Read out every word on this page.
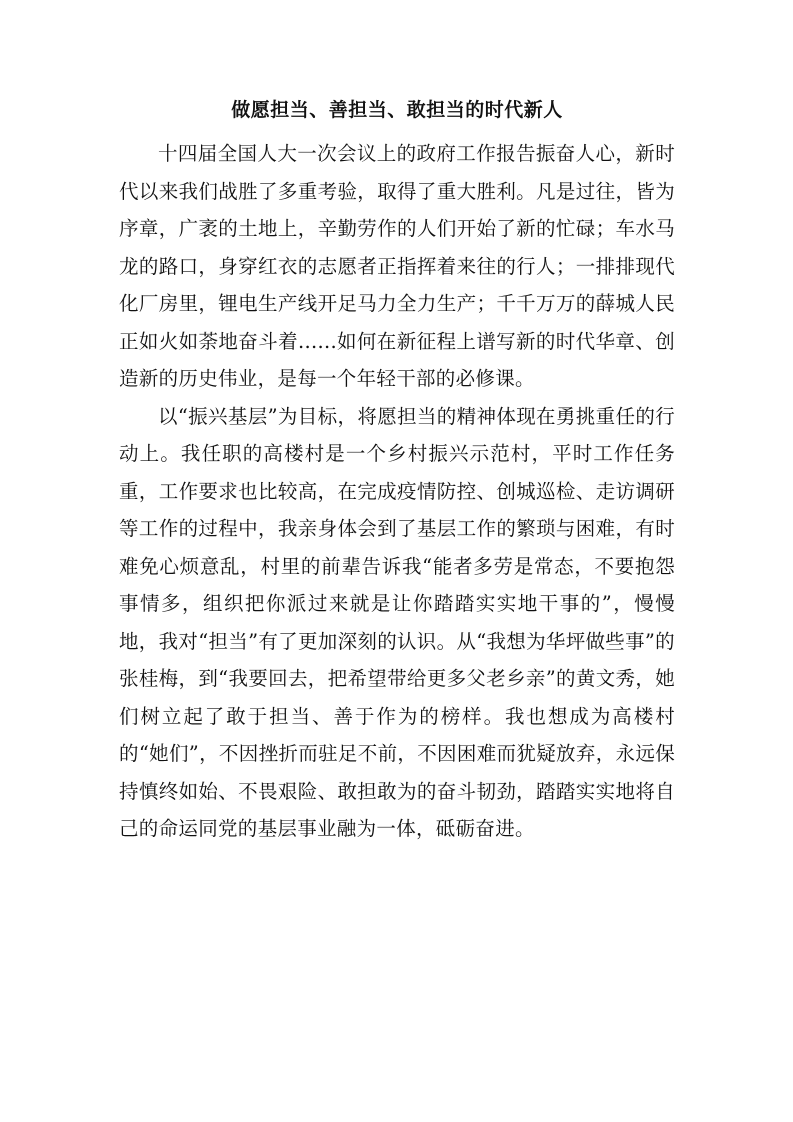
做愿担当、善担当、敢担当的时代新人

十四届全国人大一次会议上的政府工作报告振奋人心，新时代以来我们战胜了多重考验，取得了重大胜利。凡是过往，皆为序章，广袤的土地上，辛勤劳作的人们开始了新的忙碌；车水马龙的路口，身穿红衣的志愿者正指挥着来往的行人；一排排现代化厂房里，锂电生产线开足马力全力生产；千千万万的薛城人民正如火如荼地奋斗着......如何在新征程上谱写新的时代华章、创造新的历史伟业，是每一个年轻干部的必修课。

以“振兴基层”为目标，将愿担当的精神体现在勇挑重任的行动上。我任职的高楼村是一个乡村振兴示范村，平时工作任务重，工作要求也比较高，在完成疫情防控、创城巡检、走访调研等工作的过程中，我亲身体会到了基层工作的繁琐与困难，有时难免心烦意乱，村里的前辈告诉我“能者多劳是常态，不要抱怨事情多，组织把你派过来就是让你踏踏实实地干事的”，慢慢地，我对“担当”有了更加深刻的认识。从“我想为华坪做些事”的张桂梅，到“我要回去，把希望带给更多父老乡亲”的黄文秀，她们树立起了敢于担当、善于作为的榜样。我也想成为高楼村的“她们”，不因挫折而驻足不前，不因困难而犹疑放弃，永远保持慎终如始、不畏艰险、敢担敢为的奋斗韧劲，踏踏实实地将自己的命运同党的基层事业融为一体，砥砺奋进。
